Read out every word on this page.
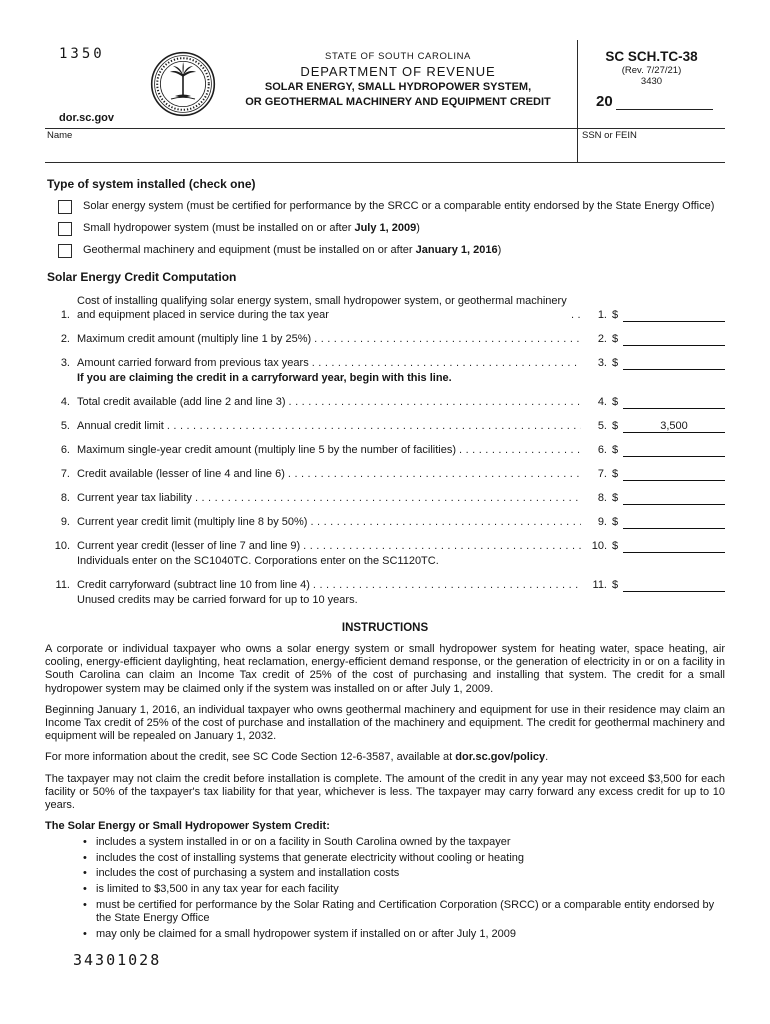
1350
dor.sc.gov
STATE OF SOUTH CAROLINA
DEPARTMENT OF REVENUE
SOLAR ENERGY, SMALL HYDROPOWER SYSTEM,
OR GEOTHERMAL MACHINERY AND EQUIPMENT CREDIT
SC SCH.TC-38
(Rev. 7/27/21)
3430
20
Name	SSN or FEIN
Type of system installed (check one)
Solar energy system (must be certified for performance by the SRCC or a comparable entity endorsed by the State Energy Office)
Small hydropower system (must be installed on or after July 1, 2009)
Geothermal machinery and equipment (must be installed on or after January 1, 2016)
Solar Energy Credit Computation
1.
Cost of installing qualifying solar energy system, small hydropower system, or geothermal machinery and equipment placed in service during the tax year .....	1. $
2. Maximum credit amount (multiply line 1 by 25%) .....	2. $
3. Amount carried forward from previous tax years .....	3. $
If you are claiming the credit in a carryforward year, begin with this line.
4. Total credit available (add line 2 and line 3) .....	4. $
5. Annual credit limit .....	5. $	3,500
6. Maximum single-year credit amount (multiply line 5 by the number of facilities) .....	6. $
7. Credit available (lesser of line 4 and line 6) .....	7. $
8. Current year tax liability .....	8. $
9. Current year credit limit (multiply line 8 by 50%) .....	9. $
10. Current year credit (lesser of line 7 and line 9) .....	10. $
Individuals enter on the SC1040TC. Corporations enter on the SC1120TC.
11. Credit carryforward (subtract line 10 from line 4) .....	11. $
Unused credits may be carried forward for up to 10 years.
INSTRUCTIONS
A corporate or individual taxpayer who owns a solar energy system or small hydropower system for heating water, space heating, air cooling, energy-efficient daylighting, heat reclamation, energy-efficient demand response, or the generation of electricity in or on a facility in South Carolina can claim an Income Tax credit of 25% of the cost of purchasing and installing that system. The credit for a small hydropower system may be claimed only if the system was installed on or after July 1, 2009.
Beginning January 1, 2016, an individual taxpayer who owns geothermal machinery and equipment for use in their residence may claim an Income Tax credit of 25% of the cost of purchase and installation of the machinery and equipment. The credit for geothermal machinery and equipment will be repealed on January 1, 2032.
For more information about the credit, see SC Code Section 12-6-3587, available at dor.sc.gov/policy.
The taxpayer may not claim the credit before installation is complete. The amount of the credit in any year may not exceed $3,500 for each facility or 50% of the taxpayer's tax liability for that year, whichever is less. The taxpayer may carry forward any excess credit for up to 10 years.
The Solar Energy or Small Hydropower System Credit:
• includes a system installed in or on a facility in South Carolina owned by the taxpayer
• includes the cost of installing systems that generate electricity without cooling or heating
• includes the cost of purchasing a system and installation costs
• is limited to $3,500 in any tax year for each facility
• must be certified for performance by the Solar Rating and Certification Corporation (SRCC) or a comparable entity endorsed by the State Energy Office
• may only be claimed for a small hydropower system if installed on or after July 1, 2009
34301028
